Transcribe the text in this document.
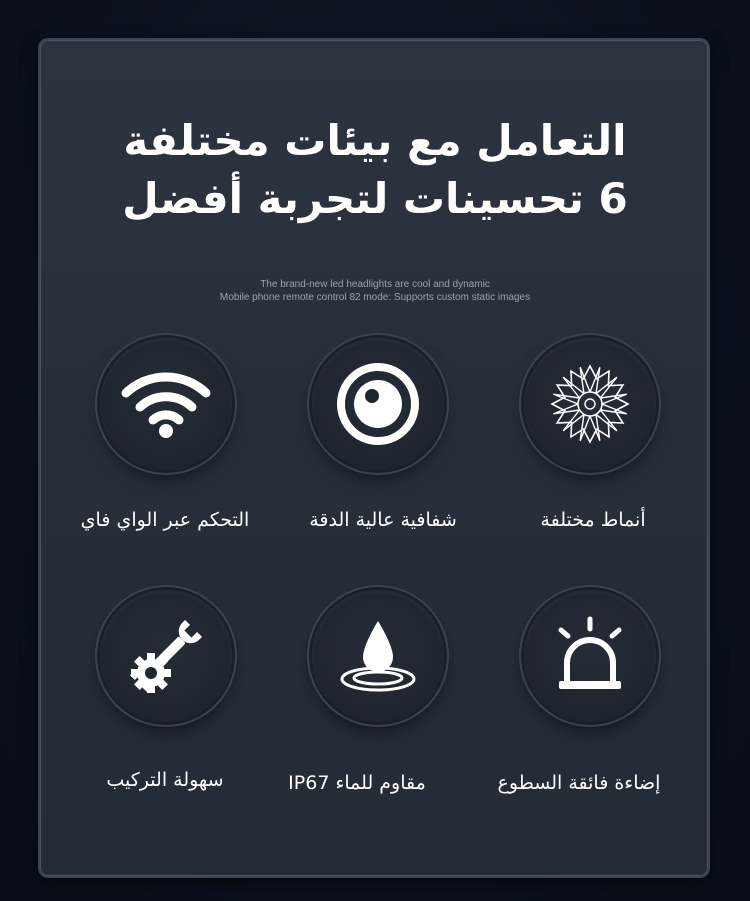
التعامل مع بيئات مختلفة
6 تحسينات لتجربة أفضل
The brand-new led headlights are cool and dynamic
Mobile phone remote control 82 mode: Supports custom static images
التحكم عبر الواي فاي	شفافية عالية الدقة	أنماط مختلفة
سهولة التركيب	مقاوم للماء IP67	إضاءة فائقة السطوع
